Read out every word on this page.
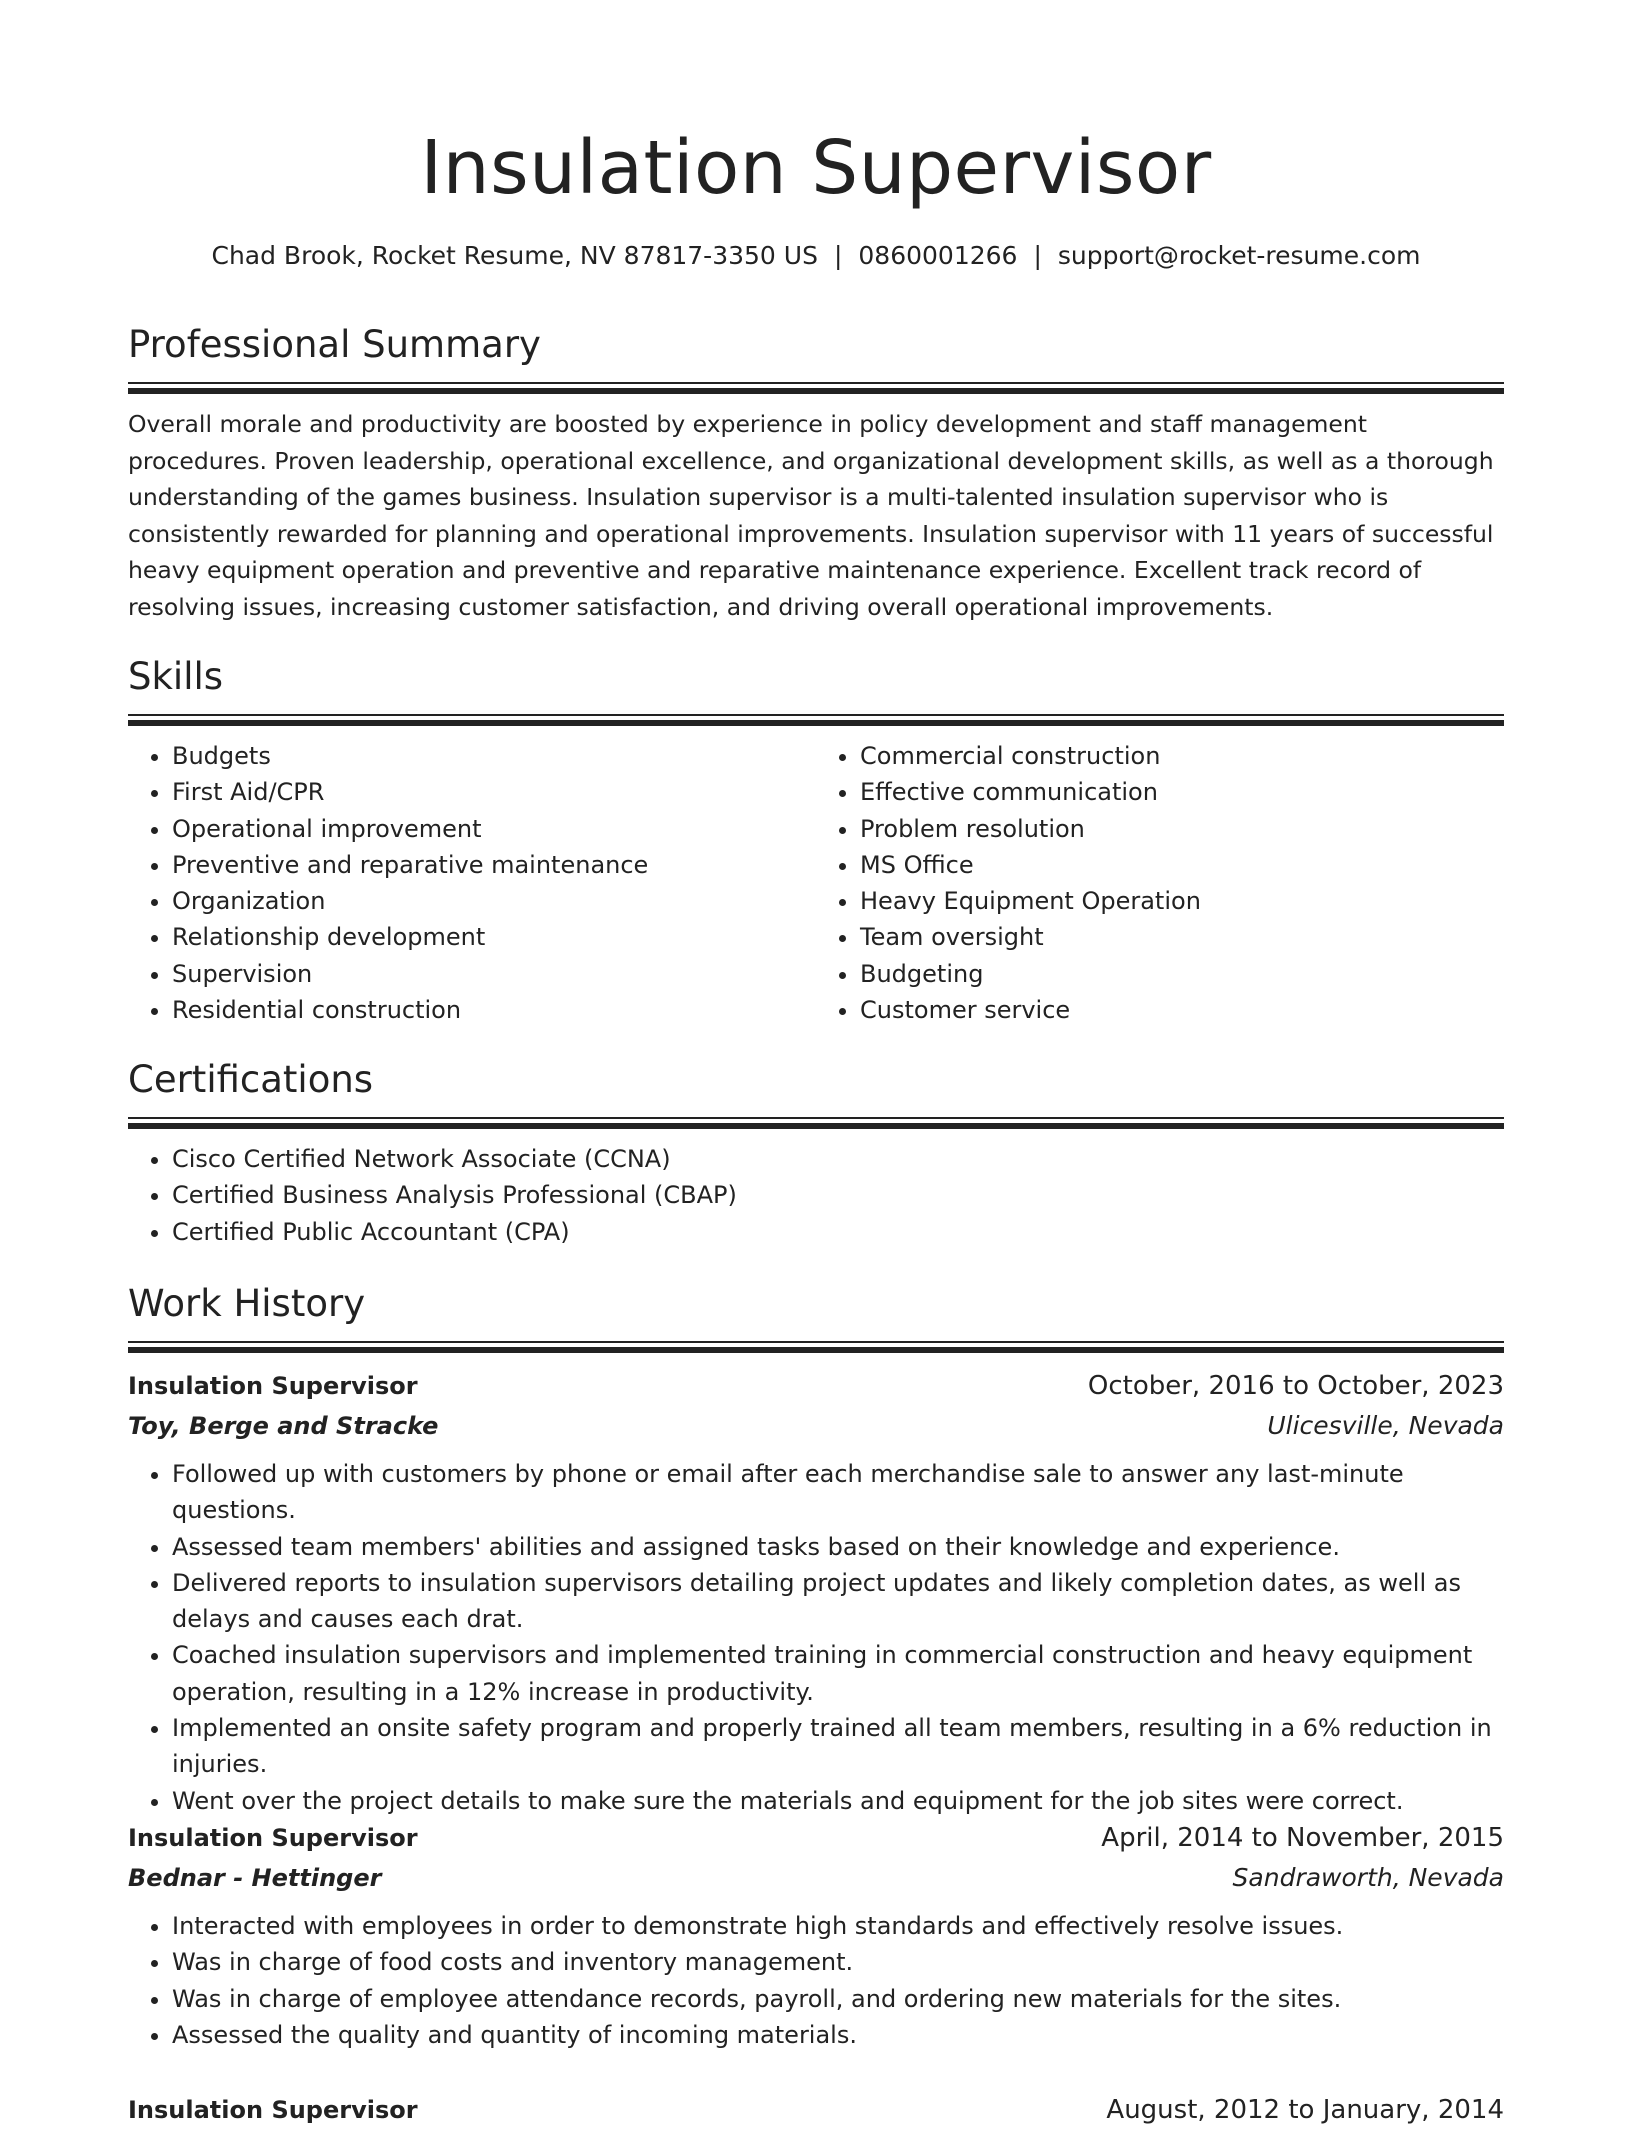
Insulation Supervisor
Chad Brook, Rocket Resume, NV 87817-3350 US | 0860001266 | support@rocket-resume.com
Professional Summary
Overall morale and productivity are boosted by experience in policy development and staff management procedures. Proven leadership, operational excellence, and organizational development skills, as well as a thorough understanding of the games business. Insulation supervisor is a multi-talented insulation supervisor who is consistently rewarded for planning and operational improvements. Insulation supervisor with 11 years of successful heavy equipment operation and preventive and reparative maintenance experience. Excellent track record of resolving issues, increasing customer satisfaction, and driving overall operational improvements.
Skills
• Budgets
• First Aid/CPR
• Operational improvement
• Preventive and reparative maintenance
• Organization
• Relationship development
• Supervision
• Residential construction
• Commercial construction
• Effective communication
• Problem resolution
• MS Office
• Heavy Equipment Operation
• Team oversight
• Budgeting
• Customer service
Certifications
• Cisco Certified Network Associate (CCNA)
• Certified Business Analysis Professional (CBAP)
• Certified Public Accountant (CPA)
Work History
Insulation Supervisor	October, 2016 to October, 2023
Toy, Berge and Stracke	Ulicesville, Nevada
• Followed up with customers by phone or email after each merchandise sale to answer any last-minute questions.
• Assessed team members' abilities and assigned tasks based on their knowledge and experience.
• Delivered reports to insulation supervisors detailing project updates and likely completion dates, as well as delays and causes each drat.
• Coached insulation supervisors and implemented training in commercial construction and heavy equipment operation, resulting in a 12% increase in productivity.
• Implemented an onsite safety program and properly trained all team members, resulting in a 6% reduction in injuries.
• Went over the project details to make sure the materials and equipment for the job sites were correct.
Insulation Supervisor	April, 2014 to November, 2015
Bednar - Hettinger	Sandraworth, Nevada
• Interacted with employees in order to demonstrate high standards and effectively resolve issues.
• Was in charge of food costs and inventory management.
• Was in charge of employee attendance records, payroll, and ordering new materials for the sites.
• Assessed the quality and quantity of incoming materials.
Insulation Supervisor	August, 2012 to January, 2014
